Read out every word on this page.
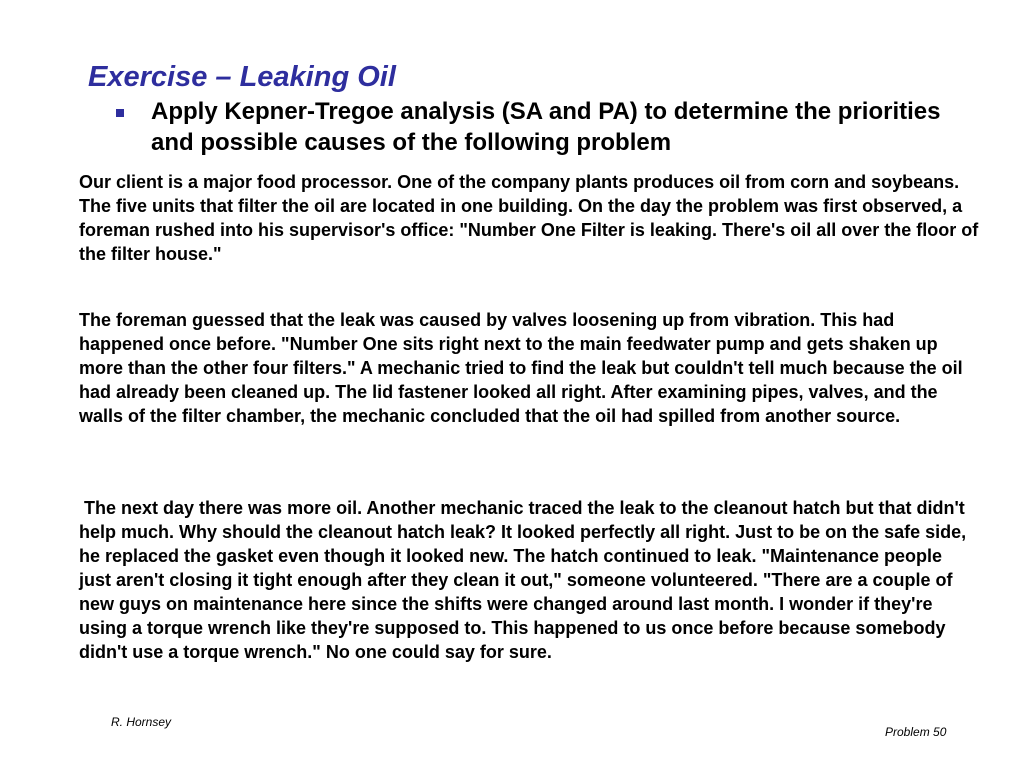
Exercise – Leaking Oil
Apply Kepner-Tregoe analysis (SA and PA) to determine the priorities and possible causes of the following problem

Our client is a major food processor. One of the company plants produces oil from corn and soybeans. The five units that filter the oil are located in one building. On the day the problem was first observed, a foreman rushed into his supervisor's office: "Number One Filter is leaking. There's oil all over the floor of the filter house."

The foreman guessed that the leak was caused by valves loosening up from vibration. This had happened once before. "Number One sits right next to the main feedwater pump and gets shaken up more than the other four filters." A mechanic tried to find the leak but couldn't tell much because the oil had already been cleaned up. The lid fastener looked all right. After examining pipes, valves, and the walls of the filter chamber, the mechanic concluded that the oil had spilled from another source.

The next day there was more oil. Another mechanic traced the leak to the cleanout hatch but that didn't help much. Why should the cleanout hatch leak? It looked perfectly all right. Just to be on the safe side, he replaced the gasket even though it looked new. The hatch continued to leak. "Maintenance people just aren't closing it tight enough after they clean it out," someone volunteered. "There are a couple of new guys on maintenance here since the shifts were changed around last month. I wonder if they're using a torque wrench like they're supposed to. This happened to us once before because somebody didn't use a torque wrench." No one could say for sure.

R. Hornsey
Problem 50
